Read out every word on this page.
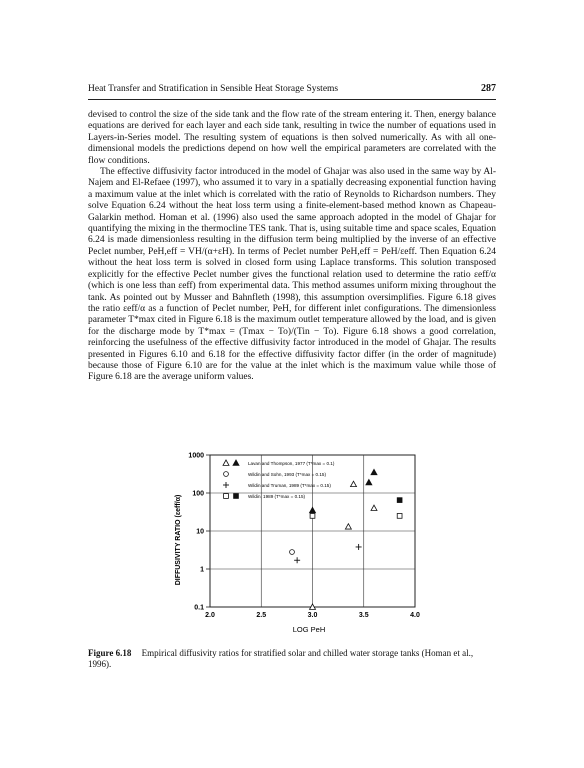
Heat Transfer and Stratification in Sensible Heat Storage Systems	287

devised to control the size of the side tank and the flow rate of the stream entering it. Then, energy balance equations are derived for each layer and each side tank, resulting in twice the number of equations used in Layers-in-Series model. The resulting system of equations is then solved numerically. As with all one-dimensional models the predictions depend on how well the empirical parameters are correlated with the flow conditions.

The effective diffusivity factor introduced in the model of Ghajar was also used in the same way by Al-Najem and El-Refaee (1997), who assumed it to vary in a spatially decreasing exponential function having a maximum value at the inlet which is correlated with the ratio of Reynolds to Richardson numbers. They solve Equation 6.24 without the heat loss term using a finite-element-based method known as Chapeau-Galarkin method. Homan et al. (1996) also used the same approach adopted in the model of Ghajar for quantifying the mixing in the thermocline TES tank. That is, using suitable time and space scales, Equation 6.24 is made dimensionless resulting in the diffusion term being multiplied by the inverse of an effective Peclet number, PeH,eff = VH/(α+εH). In terms of Peclet number PeH,eff = PeH/εeff. Then Equation 6.24 without the heat loss term is solved in closed form using Laplace transforms. This solution transposed explicitly for the effective Peclet number gives the functional relation used to determine the ratio εeff/α (which is one less than εeff) from experimental data. This method assumes uniform mixing throughout the tank. As pointed out by Musser and Bahnfleth (1998), this assumption oversimplifies. Figure 6.18 gives the ratio εeff/α as a function of Peclet number, PeH, for different inlet configurations. The dimensionless parameter T*max cited in Figure 6.18 is the maximum outlet temperature allowed by the load, and is given for the discharge mode by T*max = (Tmax − To)/(Tin − To). Figure 6.18 shows a good correlation, reinforcing the usefulness of the effective diffusivity factor introduced in the model of Ghajar. The results presented in Figures 6.10 and 6.18 for the effective diffusivity factor differ (in the order of magnitude) because those of Figure 6.10 are for the value at the inlet which is the maximum value while those of Figure 6.18 are the average uniform values.

2.0	2.5	3.0	3.5	4.0
0.1
1
10
100
1000
Lavan and Thompson, 1977 (T*max = 0.1)
Wildin and Sohn, 1993 (T*max = 0.15)
Wildin and Truman, 1989 (T*max = 0.15)
Wildin, 1989 (T*max = 0.15)
LOG PeH
DIFFUSIVITY RATIO (εeff/α)
Figure 6.18 Empirical diffusivity ratios for stratified solar and chilled water storage tanks (Homan et al., 1996).
